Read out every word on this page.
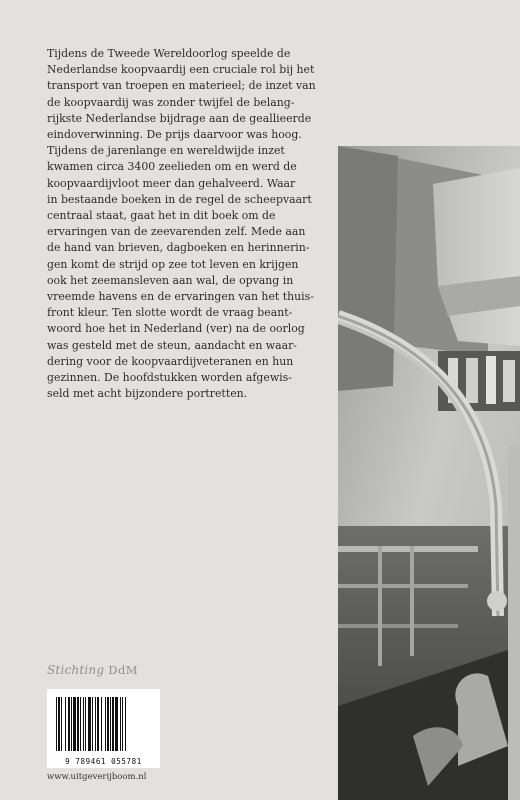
Tijdens de Tweede Wereldoorlog speelde de
Nederlandse koopvaardij een cruciale rol bij het
transport van troepen en materieel; de inzet van
de koopvaardij was zonder twijfel de belang-
rijkste Nederlandse bijdrage aan de geallieerde
eindoverwinning. De prijs daarvoor was hoog.
Tijdens de jarenlange en wereldwijde inzet
kwamen circa 3400 zeelieden om en werd de
koopvaardijvloot meer dan gehalveerd. Waar
in bestaande boeken in de regel de scheepvaart
centraal staat, gaat het in dit boek om de
ervaringen van de zeevarenden zelf. Mede aan
de hand van brieven, dagboeken en herinnerin-
gen komt de strijd op zee tot leven en krijgen
ook het zeemansleven aan wal, de opvang in
vreemde havens en de ervaringen van het thuis-
front kleur. Ten slotte wordt de vraag beant-
woord hoe het in Nederland (ver) na de oorlog
was gesteld met de steun, aandacht en waar-
dering voor de koopvaardijveteranen en hun
gezinnen. De hoofdstukken worden afgewis-
seld met acht bijzondere portretten.

Stichting DdM
9 789461 055781
www.uitgeverijboom.nl
